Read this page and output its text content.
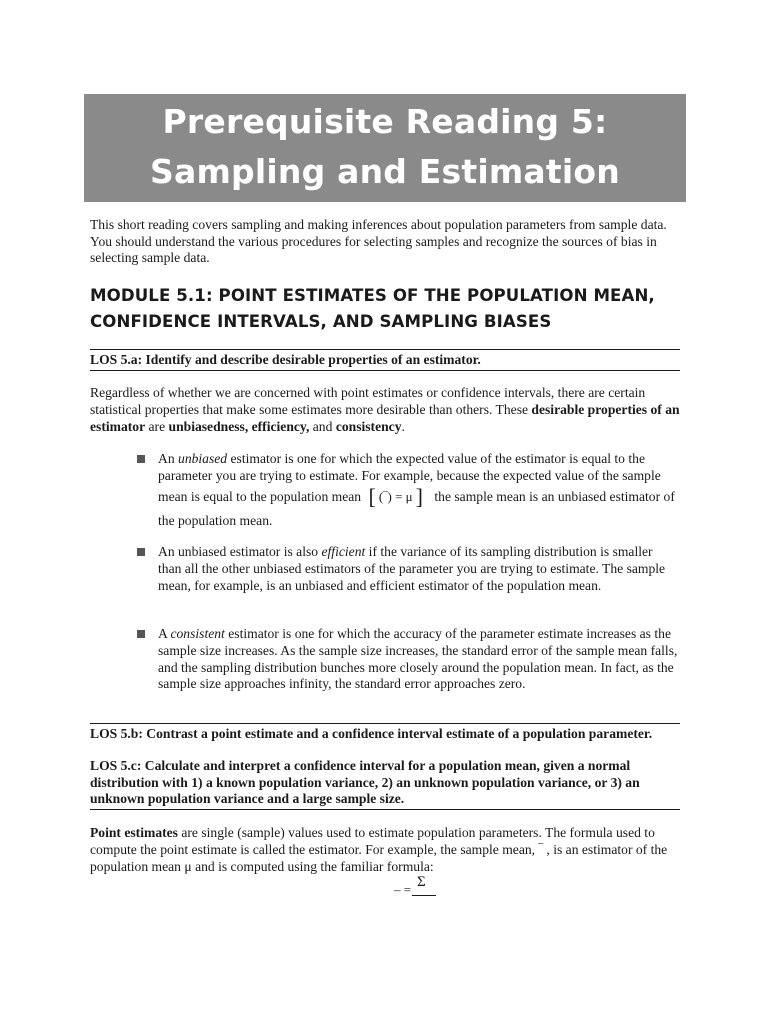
Prerequisite Reading 5:
Sampling and Estimation
This short reading covers sampling and making inferences about population parameters from sample data. You should understand the various procedures for selecting samples and recognize the sources of bias in selecting sample data.
MODULE 5.1: POINT ESTIMATES OF THE POPULATION MEAN,
CONFIDENCE INTERVALS, AND SAMPLING BIASES
LOS 5.a: Identify and describe desirable properties of an estimator.
Regardless of whether we are concerned with point estimates or confidence intervals, there are certain statistical properties that make some estimates more desirable than others. These desirable properties of an estimator are unbiasedness, efficiency, and consistency.
An unbiased estimator is one for which the expected value of the estimator is equal to the parameter you are trying to estimate. For example, because the expected value of the sample mean is equal to the population mean [ (‾) = μ ] the sample mean is an unbiased estimator of the population mean.
An unbiased estimator is also efficient if the variance of its sampling distribution is smaller than all the other unbiased estimators of the parameter you are trying to estimate. The sample mean, for example, is an unbiased and efficient estimator of the population mean.
A consistent estimator is one for which the accuracy of the parameter estimate increases as the sample size increases. As the sample size increases, the standard error of the sample mean falls, and the sampling distribution bunches more closely around the population mean. In fact, as the sample size approaches infinity, the standard error approaches zero.
LOS 5.b: Contrast a point estimate and a confidence interval estimate of a population parameter.
LOS 5.c: Calculate and interpret a confidence interval for a population mean, given a normal distribution with 1) a known population variance, 2) an unknown population variance, or 3) an unknown population variance and a large sample size.
Point estimates are single (sample) values used to estimate population parameters. The formula used to compute the point estimate is called the estimator. For example, the sample mean, ‾ , is an estimator of the population mean μ and is computed using the familiar formula:
– = Σ
